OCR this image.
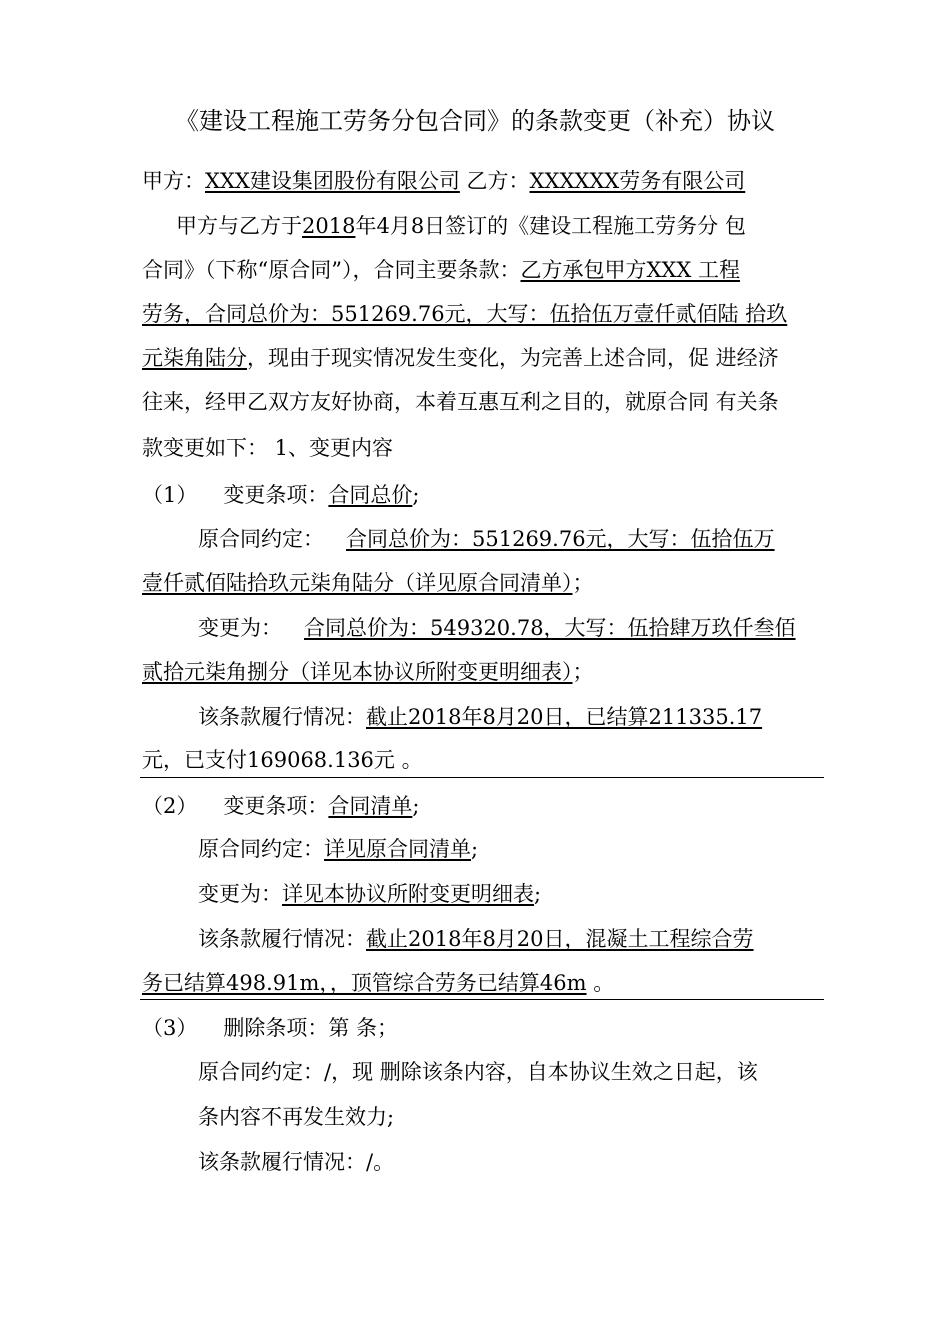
《建设工程施工劳务分包合同》的条款变更（补充）协议
甲方：XXX建设集团股份有限公司 乙方：XXXXXX劳务有限公司
甲方与乙方于2018年4月8日签订的《建设工程施工劳务分 包
合同》（下称“原合同”），合同主要条款：乙方承包甲方XXX 工程
劳务，合同总价为：551269.76元，大写：伍拾伍万壹仟贰佰陆 拾玖
元柒角陆分，现由于现实情况发生变化，为完善上述合同，促 进经济
往来，经甲乙双方友好协商，本着互惠互利之目的，就原合同 有关条
款变更如下： 1、变更内容
（1） 变更条项：合同总价;
原合同约定： 合同总价为：551269.76元，大写：伍拾伍万
壹仟贰佰陆拾玖元柒角陆分（详见原合同清单）；
变更为： 合同总价为：549320.78，大写：伍拾肆万玖仟叁佰
贰拾元柒角捌分（详见本协议所附变更明细表）；
该条款履行情况：截止2018年8月20日，已结算211335.17
元，已支付169068.136元 。
（2） 变更条项：合同清单;
原合同约定：详见原合同清单;
变更为：详见本协议所附变更明细表;
该条款履行情况：截止2018年8月20日，混凝土工程综合劳
务已结算498.91m，，顶管综合劳务已结算46m 。
（3） 删除条项：第 条；
原合同约定：/，现 删除该条内容，自本协议生效之日起，该
条内容不再发生效力;
该条款履行情况：/。
